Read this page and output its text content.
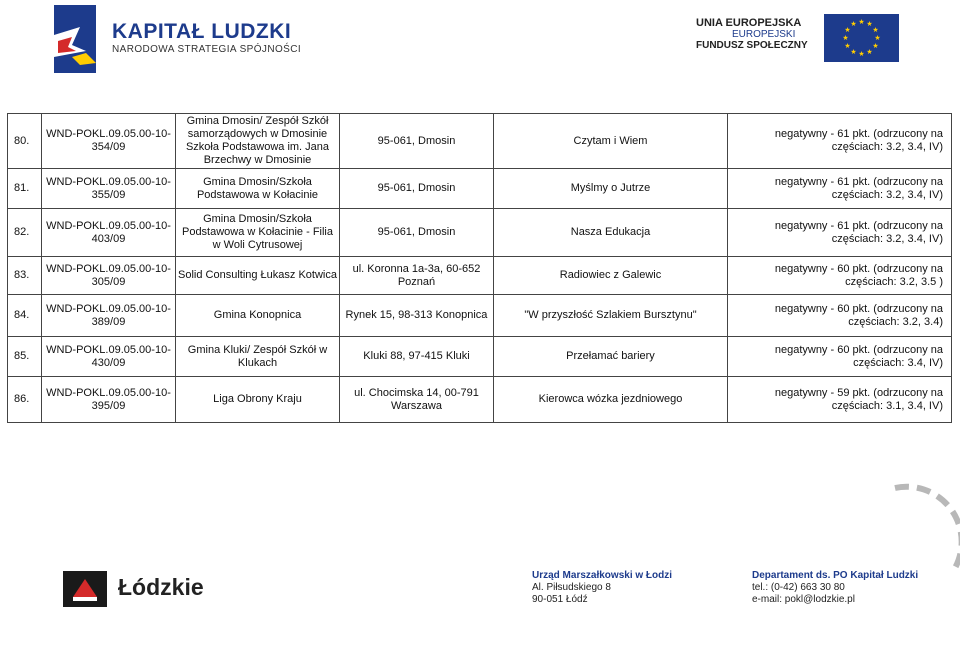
KAPITAŁ LUDZKI
NARODOWA STRATEGIA SPÓJNOŚCI
UNIA EUROPEJSKA
EUROPEJSKI
FUNDUSZ SPOŁECZNY
★ ★
★
★
★
★
★
★
★
★
★
★
80.	WND-POKL.09.05.00-10-354/09	Gmina Dmosin/ Zespół Szkół samorządowych w Dmosinie Szkoła Podstawowa im. Jana Brzechwy w Dmosinie	95-061, Dmosin	Czytam i Wiem	negatywny - 61 pkt. (odrzucony na częściach: 3.2, 3.4, IV)
81.	WND-POKL.09.05.00-10-355/09	Gmina Dmosin/Szkoła Podstawowa w Kołacinie	95-061, Dmosin	Myślmy o Jutrze	negatywny - 61 pkt. (odrzucony na częściach: 3.2, 3.4, IV)
82.	WND-POKL.09.05.00-10-403/09	Gmina Dmosin/Szkoła Podstawowa w Kołacinie - Filia w Woli Cytrusowej	95-061, Dmosin	Nasza Edukacja	negatywny - 61 pkt. (odrzucony na częściach: 3.2, 3.4, IV)
83.	WND-POKL.09.05.00-10-305/09	Solid Consulting Łukasz Kotwica	ul. Koronna 1a-3a, 60-652 Poznań	Radiowiec z Galewic	negatywny - 60 pkt. (odrzucony na częściach: 3.2, 3.5 )
84.	WND-POKL.09.05.00-10-389/09	Gmina Konopnica	Rynek 15, 98-313 Konopnica	"W przyszłość Szlakiem Bursztynu"	negatywny - 60 pkt. (odrzucony na częściach: 3.2, 3.4)
85.	WND-POKL.09.05.00-10-430/09	Gmina Kluki/ Zespół Szkół w Klukach	Kluki 88, 97-415 Kluki	Przełamać bariery	negatywny - 60 pkt. (odrzucony na częściach: 3.4, IV)
86.	WND-POKL.09.05.00-10-395/09	Liga Obrony Kraju	ul. Chocimska 14, 00-791 Warszawa	Kierowca wózka jezdniowego	negatywny - 59 pkt. (odrzucony na częściach: 3.1, 3.4, IV)
Łódzkie	Urząd Marszałkowski w Łodzi
Al. Piłsudskiego 8
90-051 Łódź
Departament ds. PO Kapitał Ludzki
tel.: (0-42) 663 30 80
e-mail: pokl@lodzkie.pl
